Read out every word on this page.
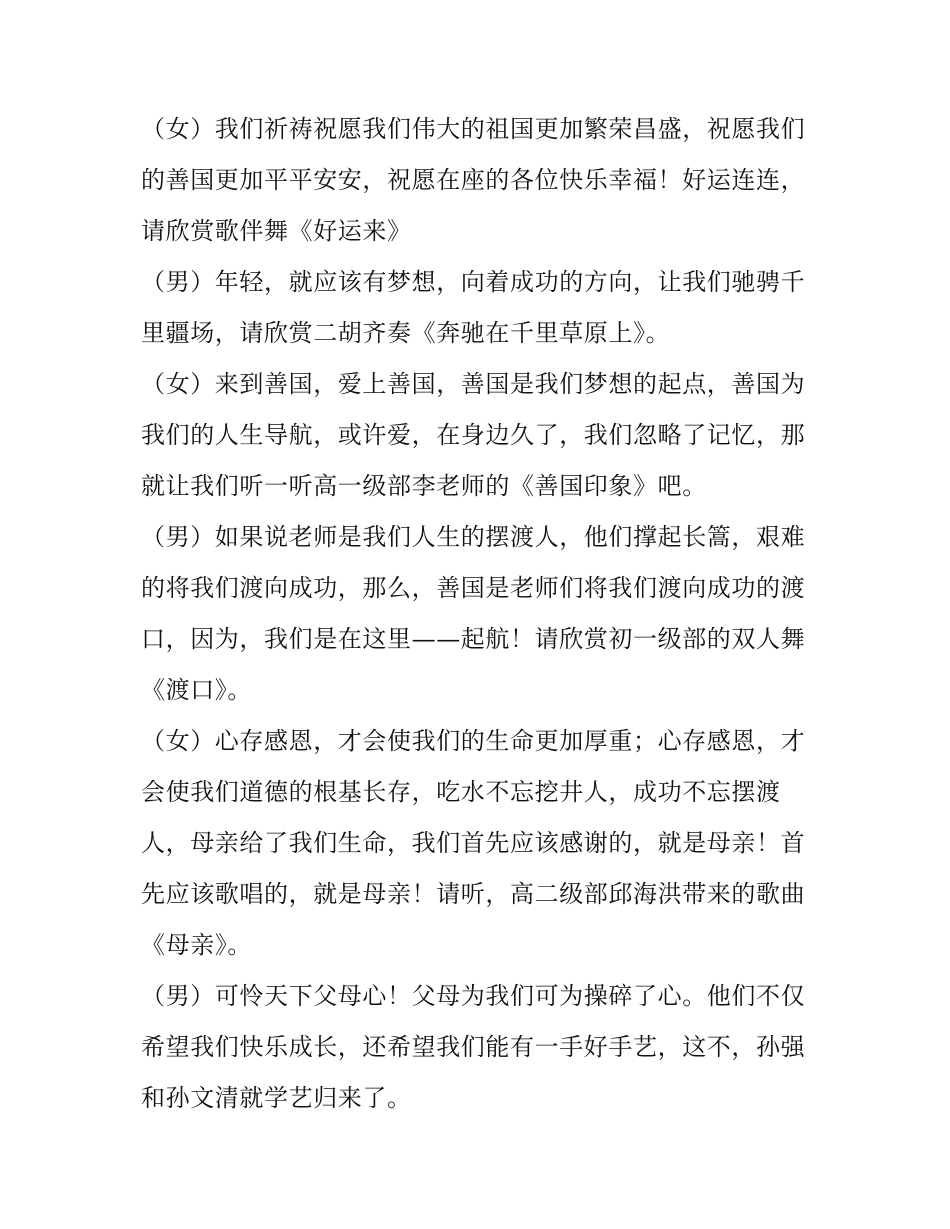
（女）我们祈祷祝愿我们伟大的祖国更加繁荣昌盛，祝愿我们
的善国更加平平安安，祝愿在座的各位快乐幸福！好运连连，
请欣赏歌伴舞《好运来》
（男）年轻，就应该有梦想，向着成功的方向，让我们驰骋千
里疆场，请欣赏二胡齐奏《奔驰在千里草原上》。
（女）来到善国，爱上善国，善国是我们梦想的起点，善国为
我们的人生导航，或许爱，在身边久了，我们忽略了记忆，那
就让我们听一听高一级部李老师的《善国印象》吧。
（男）如果说老师是我们人生的摆渡人，他们撑起长篙，艰难
的将我们渡向成功，那么，善国是老师们将我们渡向成功的渡
口，因为，我们是在这里——起航！请欣赏初一级部的双人舞
《渡口》。
（女）心存感恩，才会使我们的生命更加厚重；心存感恩，才
会使我们道德的根基长存，吃水不忘挖井人，成功不忘摆渡
人，母亲给了我们生命，我们首先应该感谢的，就是母亲！首
先应该歌唱的，就是母亲！请听，高二级部邱海洪带来的歌曲
《母亲》。
（男）可怜天下父母心！父母为我们可为操碎了心。他们不仅
希望我们快乐成长，还希望我们能有一手好手艺，这不，孙强
和孙文清就学艺归来了。
